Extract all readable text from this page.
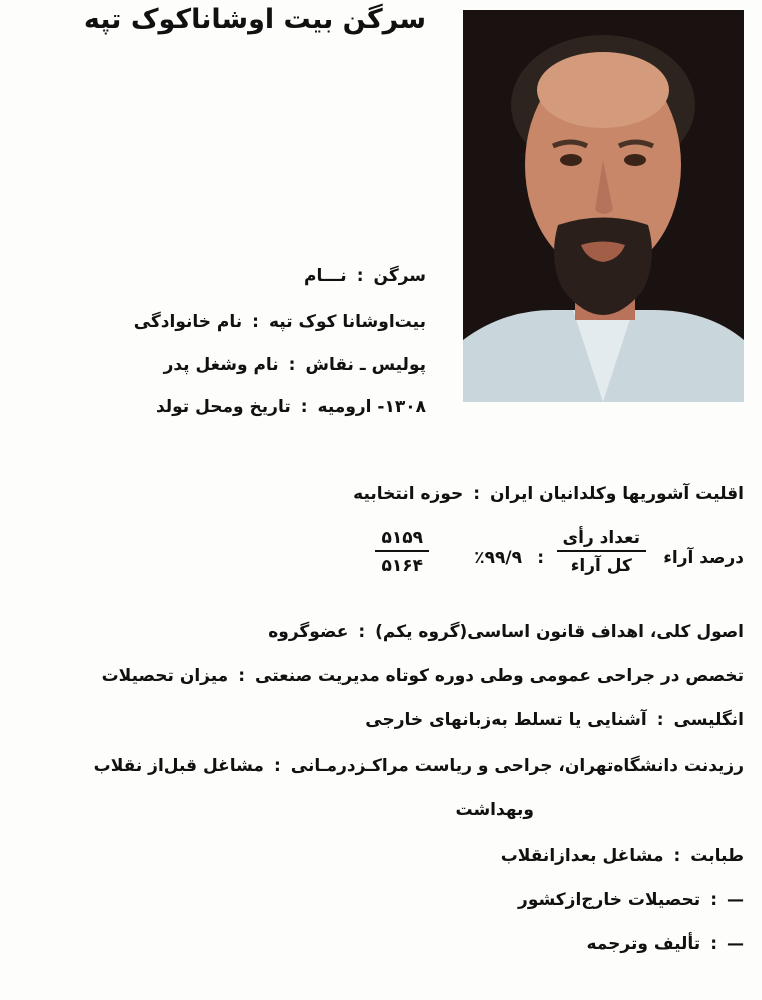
سرگن بیت اوشاناکوک تپه
نـــام : سرگن
نام خانوادگی : بیت‌اوشانا کوک تپه
نام وشغل پدر : پولیس ـ نقاش
تاریخ ومحل تولد : ۱۳۰۸- ارومیه
حوزه انتخابیه : اقلیت آشوریها وکلدانیان ایران
درصد آراء
تعداد رأی
کل آراء
:
٪۹۹/۹
۵۱۵۹
۵۱۶۴
عضوگروه : اصول کلی، اهداف قانون اساسی(گروه یکم)
میزان تحصیلات : تخصص در جراحی عمومی وطی دوره کوتاه مدیریت صنعتی
آشنایی یا تسلط به‌زبانهای خارجی : انگلیسی
مشاغل قبل‌از نقلاب : رزیدنت دانشگاه‌تهران، جراحی و ریاست مراکـزدرمـانی
وبهداشت
مشاغل بعدازانقلاب : طبابت
تحصیلات خارج‌ازکشور : —
تألیف وترجمه : —
